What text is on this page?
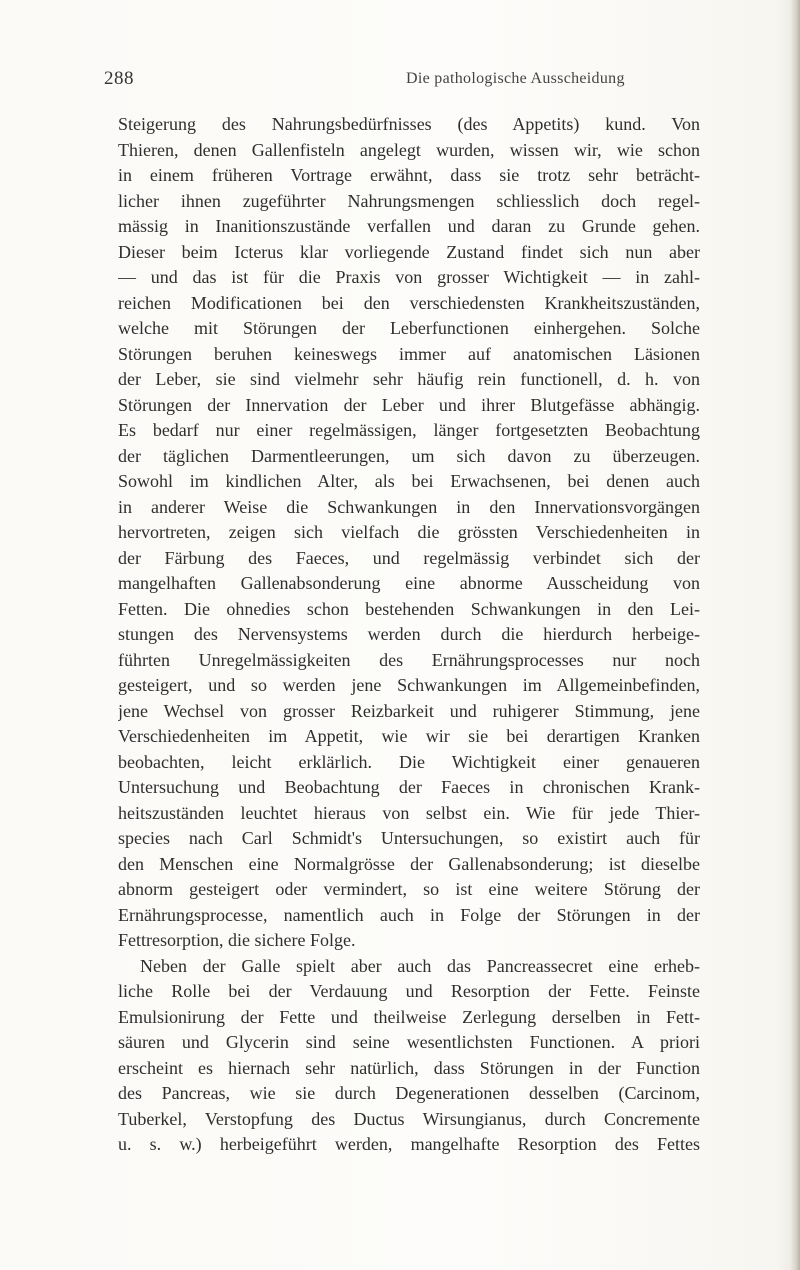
288	Die pathologische Ausscheidung

Steigerung des Nahrungsbedürfnisses (des Appetits) kund. Von
Thieren, denen Gallenfisteln angelegt wurden, wissen wir, wie schon
in einem früheren Vortrage erwähnt, dass sie trotz sehr beträcht-
licher ihnen zugeführter Nahrungsmengen schliesslich doch regel-
mässig in Inanitionszustände verfallen und daran zu Grunde gehen.
Dieser beim Icterus klar vorliegende Zustand findet sich nun aber
— und das ist für die Praxis von grosser Wichtigkeit — in zahl-
reichen Modificationen bei den verschiedensten Krankheitszuständen,
welche mit Störungen der Leberfunctionen einhergehen. Solche
Störungen beruhen keineswegs immer auf anatomischen Läsionen
der Leber, sie sind vielmehr sehr häufig rein functionell, d. h. von
Störungen der Innervation der Leber und ihrer Blutgefässe abhängig.
Es bedarf nur einer regelmässigen, länger fortgesetzten Beobachtung
der täglichen Darmentleerungen, um sich davon zu überzeugen.
Sowohl im kindlichen Alter, als bei Erwachsenen, bei denen auch
in anderer Weise die Schwankungen in den Innervationsvorgängen
hervortreten, zeigen sich vielfach die grössten Verschiedenheiten in
der Färbung des Faeces, und regelmässig verbindet sich der
mangelhaften Gallenabsonderung eine abnorme Ausscheidung von
Fetten. Die ohnedies schon bestehenden Schwankungen in den Lei-
stungen des Nervensystems werden durch die hierdurch herbeige-
führten Unregelmässigkeiten des Ernährungsprocesses nur noch
gesteigert, und so werden jene Schwankungen im Allgemeinbefinden,
jene Wechsel von grosser Reizbarkeit und ruhigerer Stimmung, jene
Verschiedenheiten im Appetit, wie wir sie bei derartigen Kranken
beobachten, leicht erklärlich. Die Wichtigkeit einer genaueren
Untersuchung und Beobachtung der Faeces in chronischen Krank-
heitszuständen leuchtet hieraus von selbst ein. Wie für jede Thier-
species nach Carl Schmidt's Untersuchungen, so existirt auch für
den Menschen eine Normalgrösse der Gallenabsonderung; ist dieselbe
abnorm gesteigert oder vermindert, so ist eine weitere Störung der
Ernährungsprocesse, namentlich auch in Folge der Störungen in der
Fettresorption, die sichere Folge.

Neben der Galle spielt aber auch das Pancreassecret eine erheb-
liche Rolle bei der Verdauung und Resorption der Fette. Feinste
Emulsionirung der Fette und theilweise Zerlegung derselben in Fett-
säuren und Glycerin sind seine wesentlichsten Functionen. A priori
erscheint es hiernach sehr natürlich, dass Störungen in der Function
des Pancreas, wie sie durch Degenerationen desselben (Carcinom,
Tuberkel, Verstopfung des Ductus Wirsungianus, durch Concremente
u. s. w.) herbeigeführt werden, mangelhafte Resorption des Fettes
